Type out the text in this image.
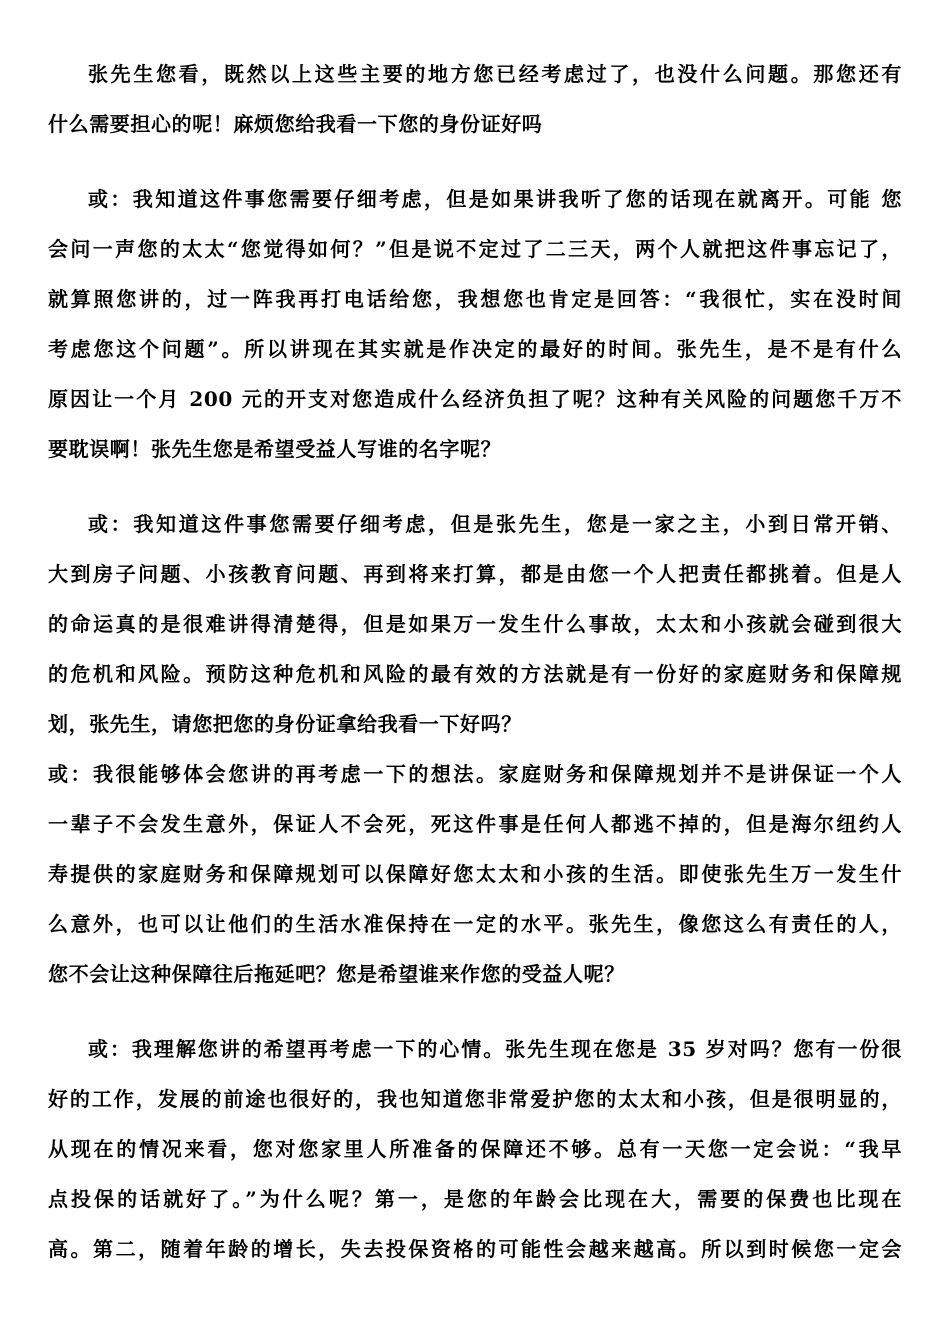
张先生您看，既然以上这些主要的地方您已经考虑过了，也没什么问题。那您还有
什么需要担心的呢！麻烦您给我看一下您的身份证好吗
或：我知道这件事您需要仔细考虑，但是如果讲我听了您的话现在就离开。可能 您
会问一声您的太太“您觉得如何？”但是说不定过了二三天，两个人就把这件事忘记了，
就算照您讲的，过一阵我再打电话给您，我想您也肯定是回答：“我很忙，实在没时间
考虑您这个问题”。所以讲现在其实就是作决定的最好的时间。张先生，是不是有什么
原因让一个月 200 元的开支对您造成什么经济负担了呢？这种有关风险的问题您千万不
要耽误啊！张先生您是希望受益人写谁的名字呢？
或：我知道这件事您需要仔细考虑，但是张先生，您是一家之主，小到日常开销、
大到房子问题、小孩教育问题、再到将来打算，都是由您一个人把责任都挑着。但是人
的命运真的是很难讲得清楚得，但是如果万一发生什么事故，太太和小孩就会碰到很大
的危机和风险。预防这种危机和风险的最有效的方法就是有一份好的家庭财务和保障规
划，张先生，请您把您的身份证拿给我看一下好吗？
或：我很能够体会您讲的再考虑一下的想法。家庭财务和保障规划并不是讲保证一个人
一辈子不会发生意外，保证人不会死，死这件事是任何人都逃不掉的，但是海尔纽约人
寿提供的家庭财务和保障规划可以保障好您太太和小孩的生活。即使张先生万一发生什
么意外，也可以让他们的生活水准保持在一定的水平。张先生，像您这么有责任的人，
您不会让这种保障往后拖延吧？您是希望谁来作您的受益人呢？
或：我理解您讲的希望再考虑一下的心情。张先生现在您是 35 岁对吗？您有一份很
好的工作，发展的前途也很好的，我也知道您非常爱护您的太太和小孩，但是很明显的，
从现在的情况来看，您对您家里人所准备的保障还不够。总有一天您一定会说：“我早
点投保的话就好了。”为什么呢？第一，是您的年龄会比现在大，需要的保费也比现在
高。第二，随着年龄的增长，失去投保资格的可能性会越来越高。所以到时候您一定会
